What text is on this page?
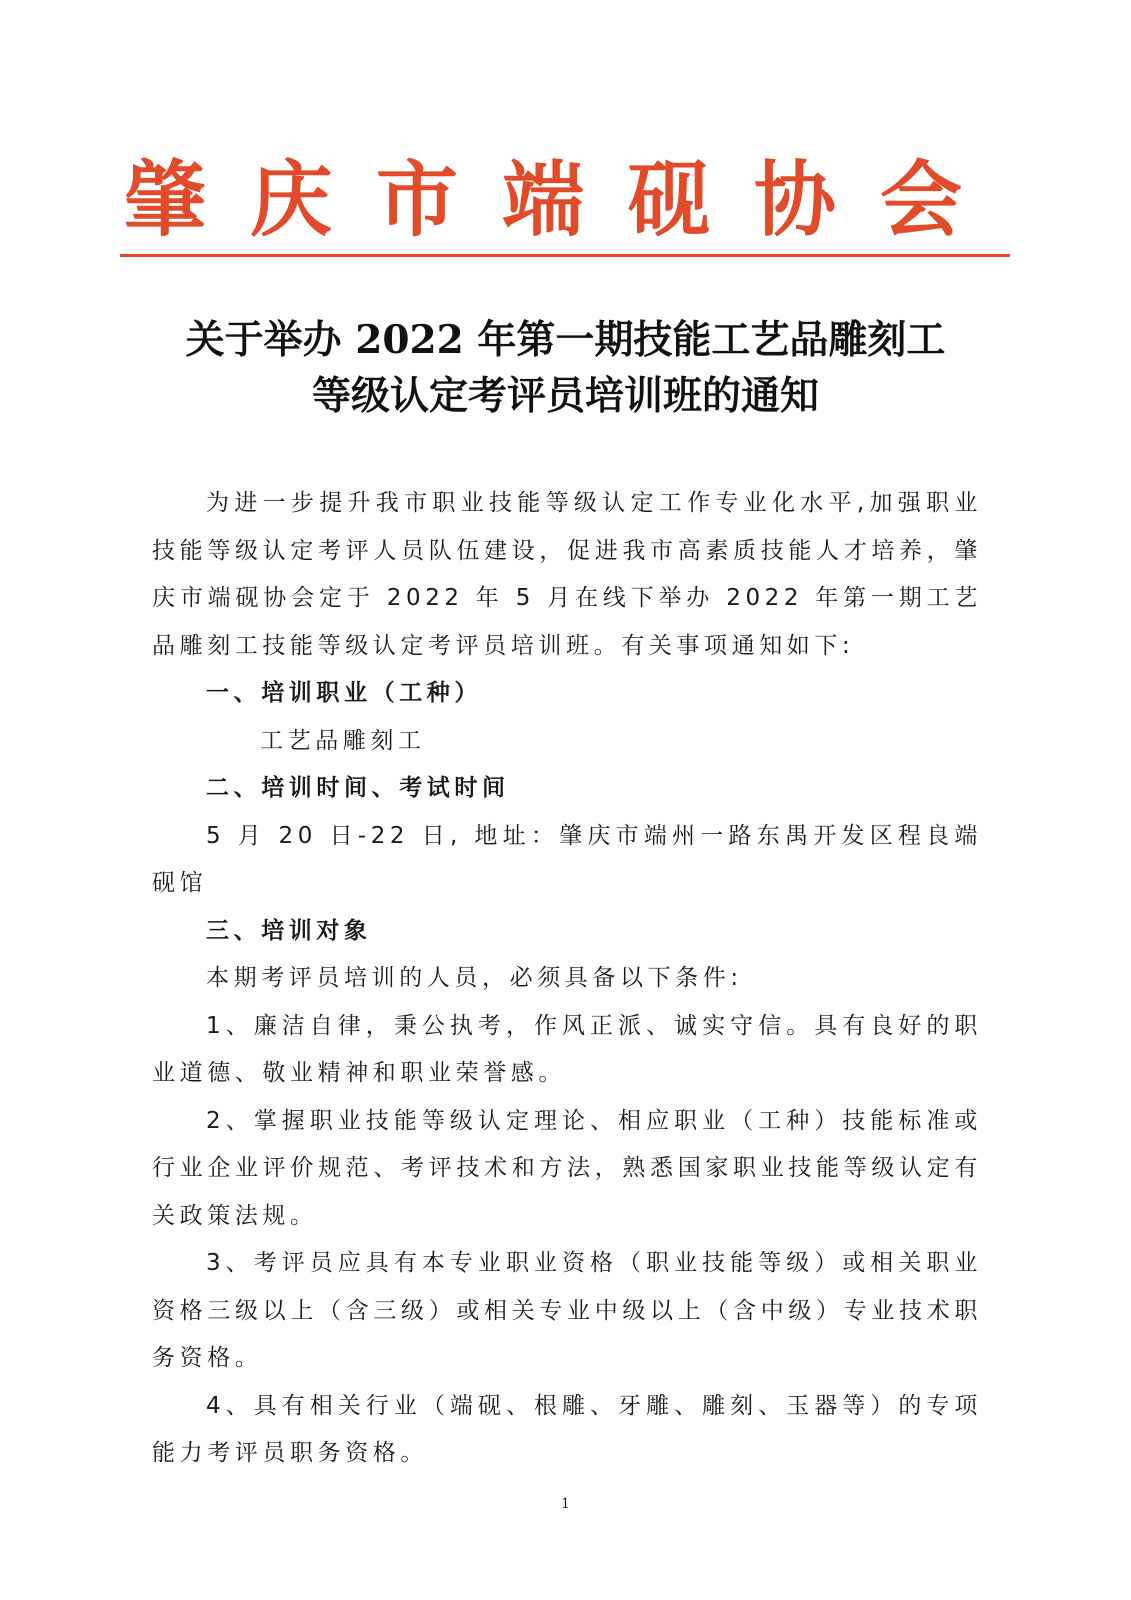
肇庆市端砚协会
关于举办 2022 年第一期技能工艺品雕刻工
等级认定考评员培训班的通知

为进一步提升我市职业技能等级认定工作专业化水平,加强职业技能等级认定考评人员队伍建设，促进我市高素质技能人才培养，肇庆市端砚协会定于 2022 年 5 月在线下举办 2022 年第一期工艺品雕刻工技能等级认定考评员培训班。有关事项通知如下:

一、培训职业（工种）

工艺品雕刻工

二、培训时间、考试时间

5 月 20 日-22 日, 地址：肇庆市端州一路东禺开发区程良端砚馆

三、培训对象

本期考评员培训的人员，必须具备以下条件:

1、廉洁自律，秉公执考，作风正派、诚实守信。具有良好的职业道德、敬业精神和职业荣誉感。

2、掌握职业技能等级认定理论、相应职业（工种）技能标准或行业企业评价规范、考评技术和方法，熟悉国家职业技能等级认定有关政策法规。

3、考评员应具有本专业职业资格（职业技能等级）或相关职业资格三级以上（含三级）或相关专业中级以上（含中级）专业技术职务资格。

4、具有相关行业（端砚、根雕、牙雕、雕刻、玉器等）的专项能力考评员职务资格。

1
